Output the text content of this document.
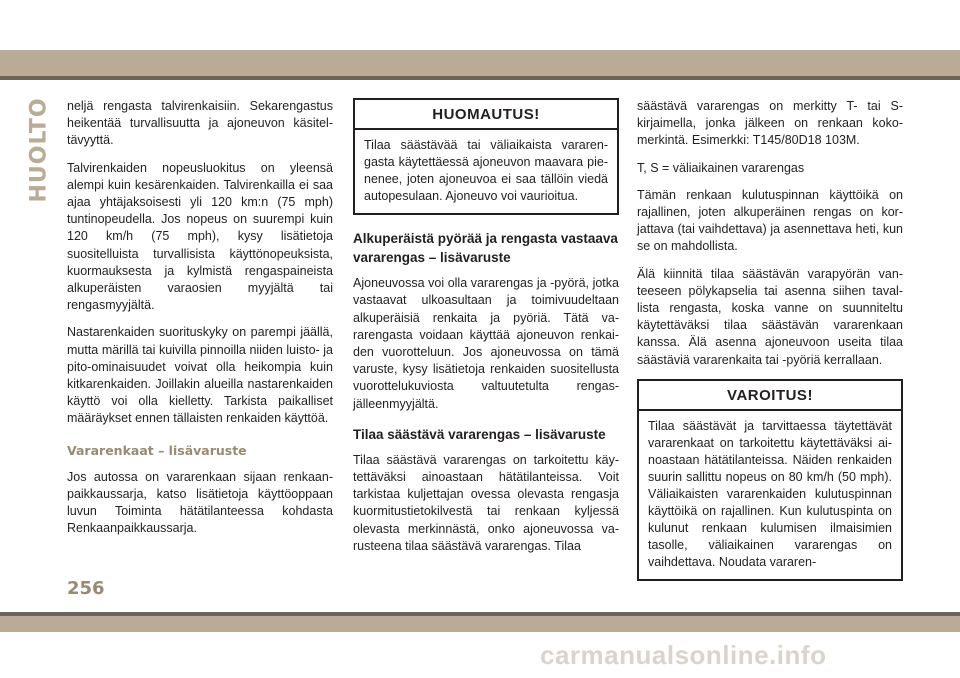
HUOLTO neljä rengasta talvirenkaisiin. Sekarengastus heikentää turvallisuutta ja ajoneuvon käsiteltävyyttä.

Talvirenkaiden nopeusluokitus on yleensä alempi kuin kesärenkaiden. Talvirenkailla ei saa ajaa yhtäjaksoisesti yli 120 km:n (75 mph) tuntinopeudella. Jos nopeus on suurempi kuin 120 km/h (75 mph), kysy lisätietoja suositelluista turvallisista käyttönopeuksista, kuormauksesta ja kylmistä rengaspaineista alkuperäisten varaosien myyjältä tai rengasmyyjältä.

Nastarenkaiden suorituskyky on parempi jäällä, mutta märillä tai kuivilla pinnoilla niiden luisto- ja pito-ominaisuudet voivat olla heikompia kuin kitkarenkaiden. Joillakin alueilla nastarenkaiden käyttö voi olla kielletty. Tarkista paikalliset määräykset ennen tällaisten renkaiden käyttöä.

Vararenkaat – lisävaruste

Jos autossa on vararenkaan sijaan renkaanpaikkaussarja, katso lisätietoja käyttöoppaan luvun Toiminta hätätilanteessa kohdasta Renkaanpaikkaussarja.

HUOMAUTUS!
Tilaa säästävää tai väliaikaista vararengasta käytettäessä ajoneuvon maavara pienenee, joten ajoneuvoa ei saa tällöin viedä autopesulaan. Ajoneuvo voi vaurioitua.
Alkuperäistä pyörää ja rengasta vastaava vararengas – lisävaruste

Ajoneuvossa voi olla vararengas ja -pyörä, jotka vastaavat ulkoasultaan ja toimivuudeltaan alkuperäisiä renkaita ja pyöriä. Tätä vararengasta voidaan käyttää ajoneuvon renkaiden vuorotteluun. Jos ajoneuvossa on tämä varuste, kysy lisätietoja renkaiden suositellusta vuorottelukuviosta valtuutetulta rengasjälleenmyyjältä.

Tilaa säästävä vararengas – lisävaruste

Tilaa säästävä vararengas on tarkoitettu käytettäväksi ainoastaan hätätilanteissa. Voit tarkistaa kuljettajan ovessa olevasta rengasja kuormitustietokilvestä tai renkaan kyljessä olevasta merkinnästä, onko ajoneuvossa varusteena tilaa säästävä vararengas. Tilaa

säästävä vararengas on merkitty T- tai S-kirjaimella, jonka jälkeen on renkaan kokomerkintä. Esimerkki: T145/80D18 103M.

T, S = väliaikainen vararengas

Tämän renkaan kulutuspinnan käyttöikä on rajallinen, joten alkuperäinen rengas on korjattava (tai vaihdettava) ja asennettava heti, kun se on mahdollista.

Älä kiinnitä tilaa säästävän varapyörän vanteeseen pölykapselia tai asenna siihen tavallista rengasta, koska vanne on suunniteltu käytettäväksi tilaa säästävän vararenkaan kanssa. Älä asenna ajoneuvoon useita tilaa säästäviä vararenkaita tai -pyöriä kerrallaan.

VAROITUS!
Tilaa säästävät ja tarvittaessa täytettävät vararenkaat on tarkoitettu käytettäväksi ainoastaan hätätilanteissa. Näiden renkaiden suurin sallittu nopeus on 80 km/h (50 mph). Väliaikaisten vararenkaiden kulutuspinnan käyttöikä on rajallinen. Kun kulutuspinta on kulunut renkaan kulumisen ilmaisimien tasolle, väliaikainen vararengas on vaihdettava. Noudata vararen-
256
carmanualsonline.info
